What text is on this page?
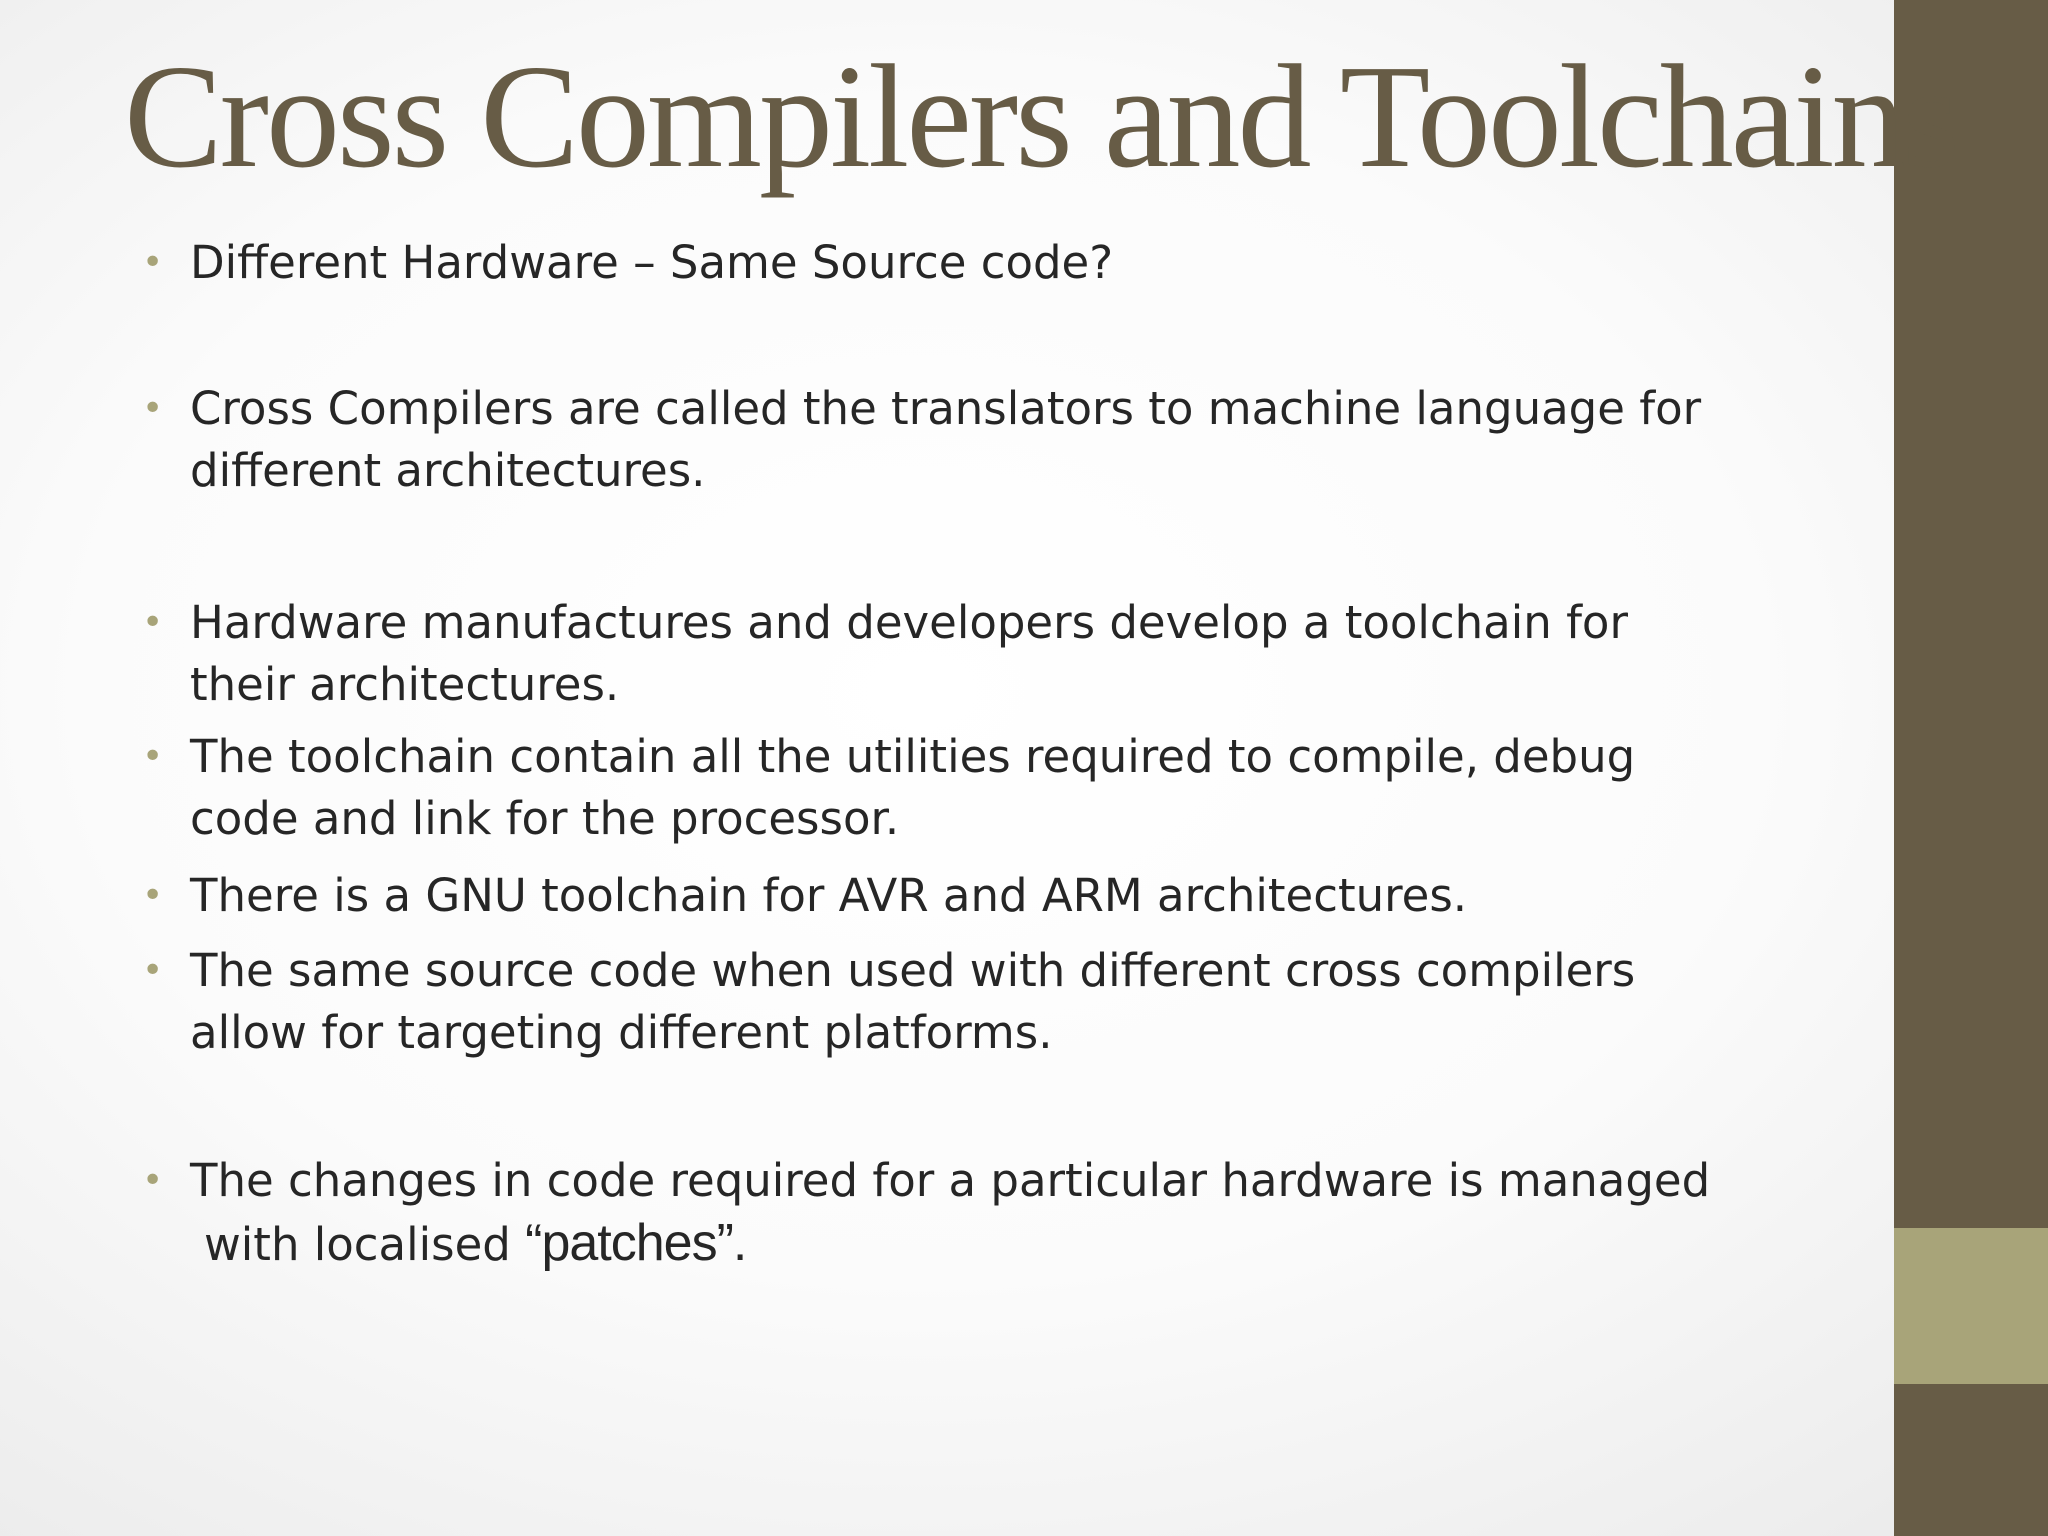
Cross Compilers and Toolchains
• Different Hardware – Same Source code?
• Cross Compilers are called the translators to machine language for
different architectures.
• Hardware manufactures and developers develop a toolchain for
their architectures.
• The toolchain contain all the utilities required to compile, debug
code and link for the processor.
• There is a GNU toolchain for AVR and ARM architectures.
• The same source code when used with different cross compilers
allow for targeting different platforms.
• The changes in code required for a particular hardware is managed
with localised “patches”.
